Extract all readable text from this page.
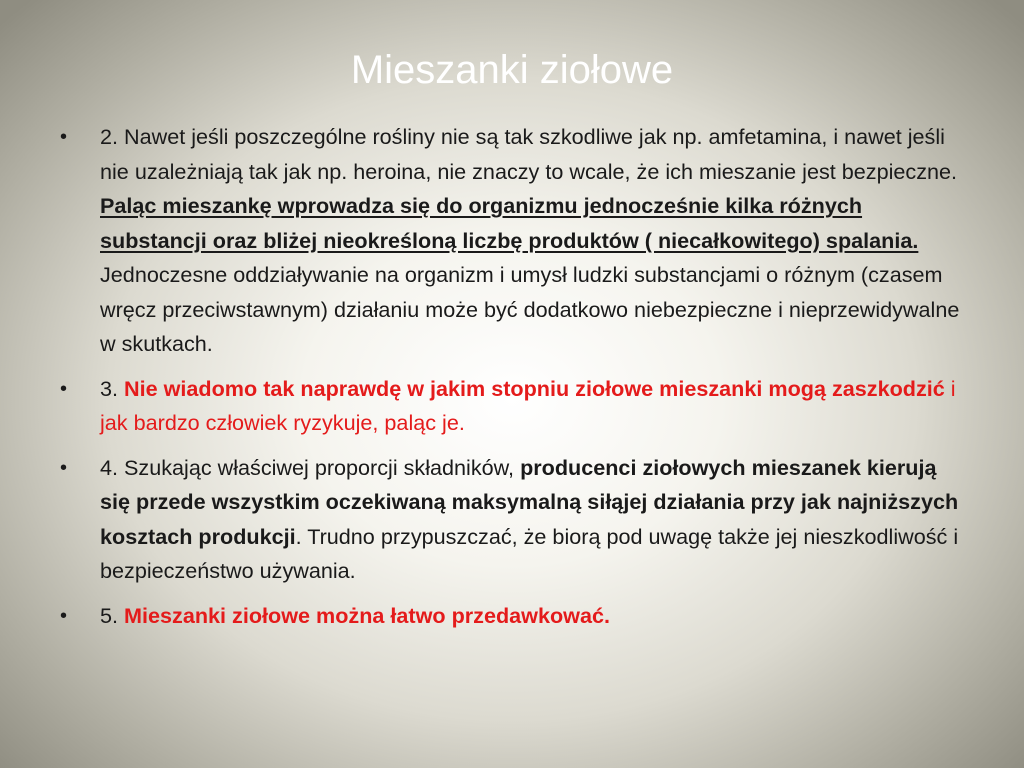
Mieszanki ziołowe
•	2. Nawet jeśli poszczególne rośliny nie są tak szkodliwe jak np. amfetamina, i nawet jeśli nie uzależniają tak jak np. heroina, nie znaczy to wcale, że ich mieszanie jest bezpieczne. Paląc mieszankę wprowadza się do organizmu jednocześnie kilka różnych substancji oraz bliżej nieokreśloną liczbę produktów ( niecałkowitego) spalania. Jednoczesne oddziaływanie na organizm i umysł ludzki substancjami o różnym (czasem wręcz przeciwstawnym) działaniu może być dodatkowo niebezpieczne i nieprzewidywalne w skutkach.
•	3. Nie wiadomo tak naprawdę w jakim stopniu ziołowe mieszanki mogą zaszkodzić i jak bardzo człowiek ryzykuje, paląc je.
•	4. Szukając właściwej proporcji składników, producenci ziołowych mieszanek kierują się przede wszystkim oczekiwaną maksymalną siłąjej działania przy jak najniższych kosztach produkcji. Trudno przypuszczać, że biorą pod uwagę także jej nieszkodliwość i bezpieczeństwo używania.
•	5. Mieszanki ziołowe można łatwo przedawkować.
